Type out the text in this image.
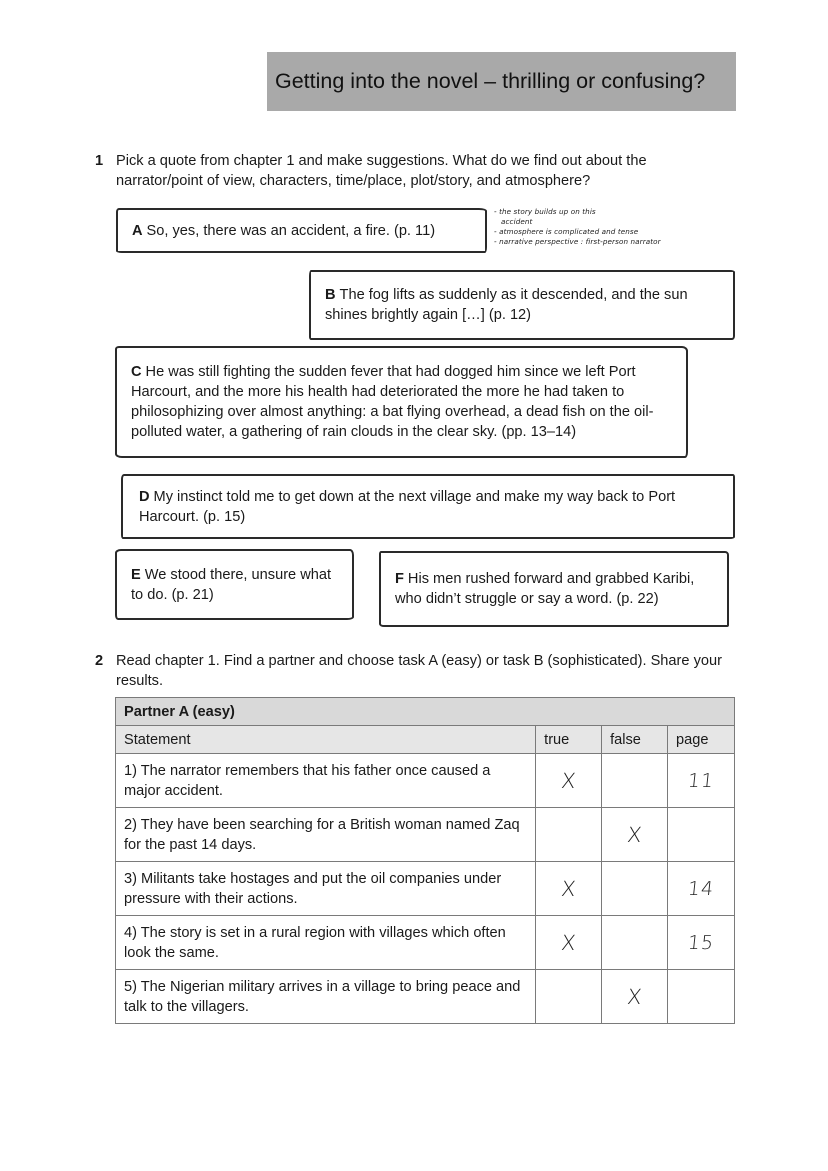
Getting into the novel – thrilling or confusing?
1 Pick a quote from chapter 1 and make suggestions. What do we find out about the
narrator/point of view, characters, time/place, plot/story, and atmosphere?
A So, yes, there was an accident, a fire. (p. 11)
- the story builds up on this
accident
- atmosphere is complicated and tense
- narrative perspective : first-person narrator
B The fog lifts as suddenly as it descended, and the sun shines brightly again […] (p. 12)
C He was still fighting the sudden fever that had dogged him since we left Port Harcourt, and the more his health had deteriorated the more he had taken to philosophizing over almost anything: a bat flying overhead, a dead fish on the oil-polluted water, a gathering of rain clouds in the clear sky. (pp. 13–14)
D My instinct told me to get down at the next village and make my way back to Port Harcourt. (p. 15)
E We stood there, unsure what to do. (p. 21)
F His men rushed forward and grabbed Karibi, who didn’t struggle or say a word. (p. 22)
2 Read chapter 1. Find a partner and choose task A (easy) or task B (sophisticated). Share your
results.
Partner A (easy)			
Statement	true	false	page
1) The narrator remembers that his father once caused a major accident.	X		11

2) They have been searching for a British woman named Zaq for the past 14 days.		X	

3) Militants take hostages and put the oil companies under pressure with their actions.	X		14

4) The story is set in a rural region with villages which often look the same.	X		15

5) The Nigerian military arrives in a village to bring peace and talk to the villagers.		X	
